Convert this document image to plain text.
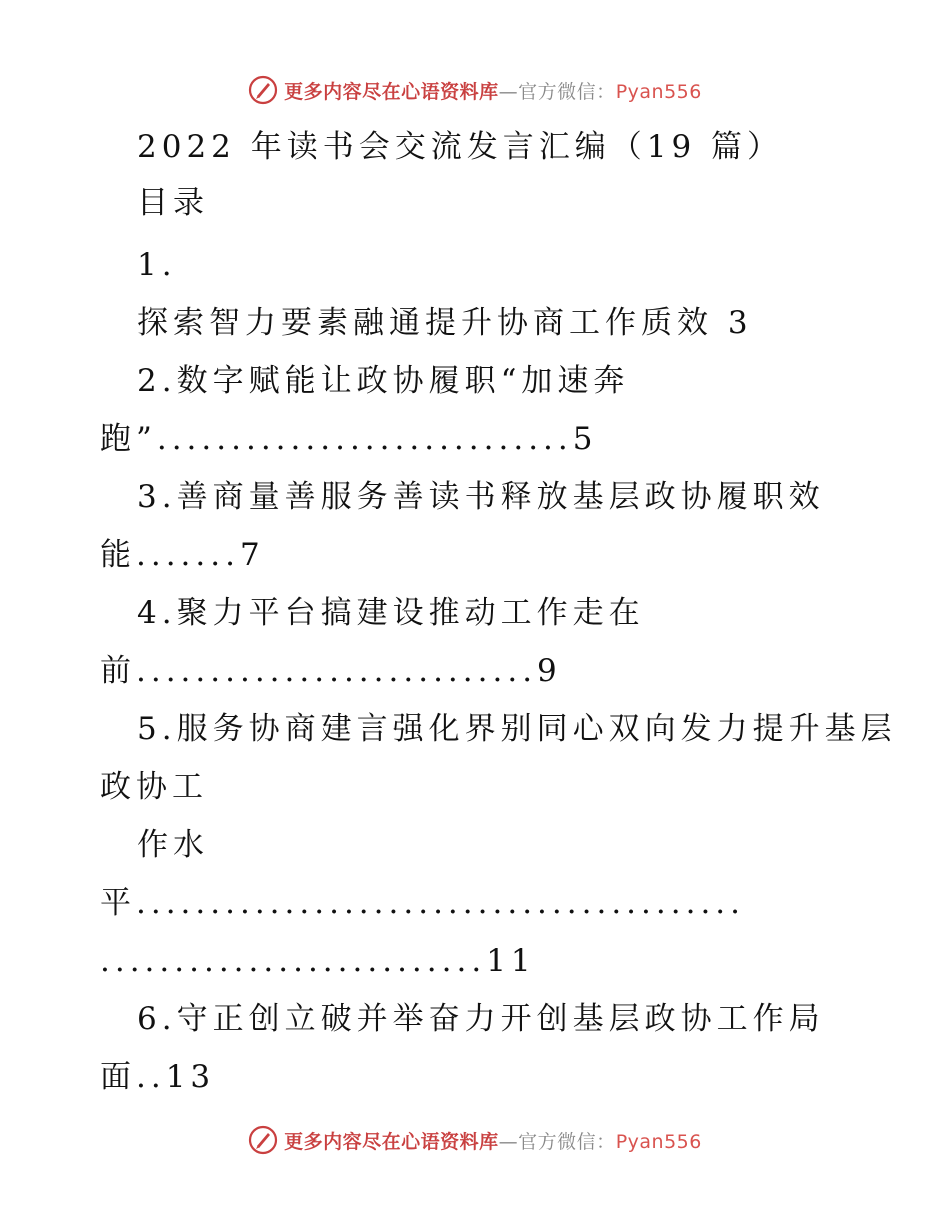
更多内容尽在心语资料库—官方微信：Pyan556
2022 年读书会交流发言汇编（19 篇）
目录
1.
探索智力要素融通提升协商工作质效 3
2.数字赋能让政协履职“加速奔
跑”............................5
3.善商量善服务善读书释放基层政协履职效
能.......7
4.聚力平台搞建设推动工作走在
前...........................9
5.服务协商建言强化界别同心双向发力提升基层
政协工
作水
平.........................................
..........................11
6.守正创立破并举奋力开创基层政协工作局
面..13
更多内容尽在心语资料库—官方微信：Pyan556
